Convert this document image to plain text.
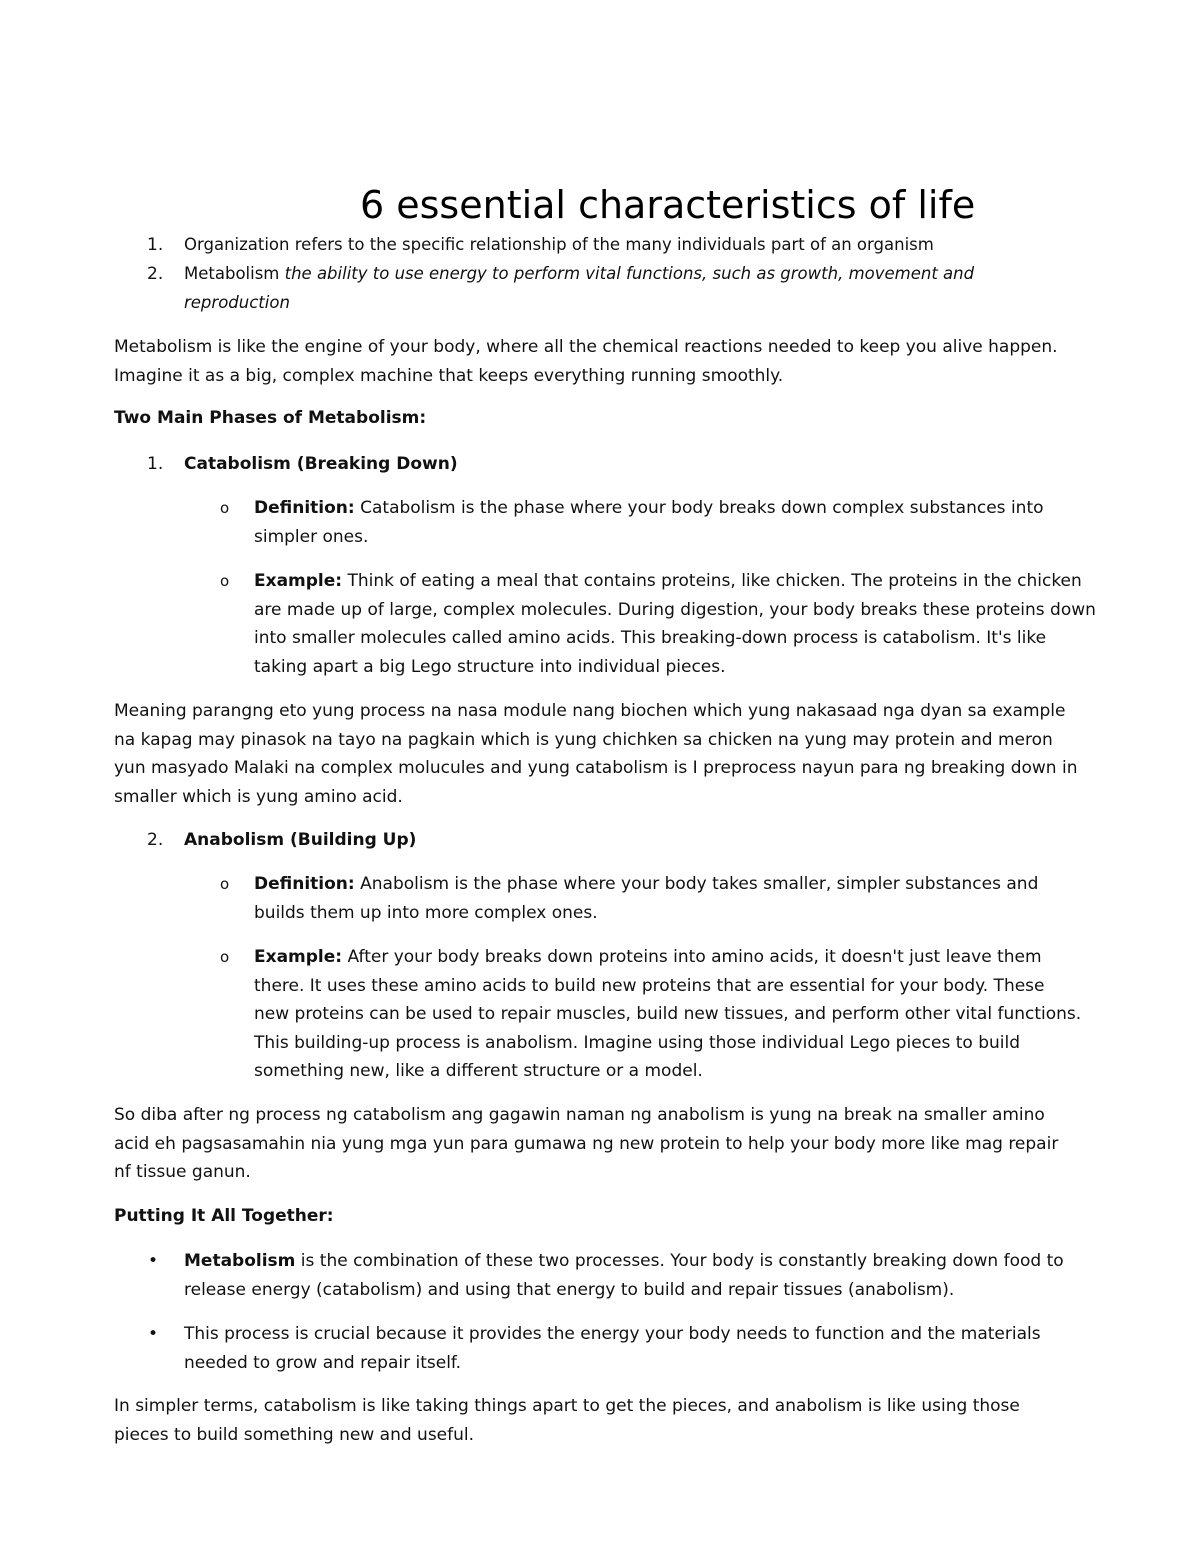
6 essential characteristics of life
1. Organization refers to the specific relationship of the many individuals part of an organism
2. Metabolism the ability to use energy to perform vital functions, such as growth, movement and reproduction

Metabolism is like the engine of your body, where all the chemical reactions needed to keep you alive happen. Imagine it as a big, complex machine that keeps everything running smoothly.

Two Main Phases of Metabolism:

1. Catabolism (Breaking Down)
o Definition: Catabolism is the phase where your body breaks down complex substances into simpler ones.
o Example: Think of eating a meal that contains proteins, like chicken. The proteins in the chicken are made up of large, complex molecules. During digestion, your body breaks these proteins down into smaller molecules called amino acids. This breaking-down process is catabolism. It's like taking apart a big Lego structure into individual pieces.

Meaning parangng eto yung process na nasa module nang biochen which yung nakasaad nga dyan sa example na kapag may pinasok na tayo na pagkain which is yung chichken sa chicken na yung may protein and meron yun masyado Malaki na complex molucules and yung catabolism is I preprocess nayun para ng breaking down in smaller which is yung amino acid.

2. Anabolism (Building Up)
o Definition: Anabolism is the phase where your body takes smaller, simpler substances and builds them up into more complex ones.
o Example: After your body breaks down proteins into amino acids, it doesn't just leave them there. It uses these amino acids to build new proteins that are essential for your body. These new proteins can be used to repair muscles, build new tissues, and perform other vital functions. This building-up process is anabolism. Imagine using those individual Lego pieces to build something new, like a different structure or a model.

So diba after ng process ng catabolism ang gagawin naman ng anabolism is yung na break na smaller amino acid eh pagsasamahin nia yung mga yun para gumawa ng new protein to help your body more like mag repair nf tissue ganun.

Putting It All Together:

• Metabolism is the combination of these two processes. Your body is constantly breaking down food to release energy (catabolism) and using that energy to build and repair tissues (anabolism).
• This process is crucial because it provides the energy your body needs to function and the materials needed to grow and repair itself.

In simpler terms, catabolism is like taking things apart to get the pieces, and anabolism is like using those pieces to build something new and useful.
